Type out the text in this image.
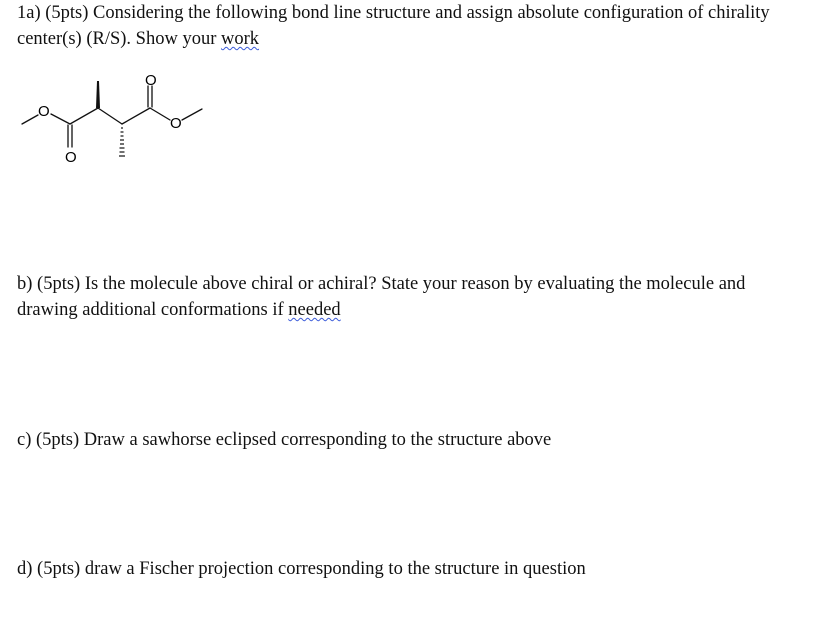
1a) (5pts) Considering the following bond line structure and assign absolute configuration of chirality center(s) (R/S). Show your work

O
O
O
O

b) (5pts) Is the molecule above chiral or achiral? State your reason by evaluating the molecule and drawing additional conformations if needed

c) (5pts) Draw a sawhorse eclipsed corresponding to the structure above

d) (5pts) draw a Fischer projection corresponding to the structure in question
